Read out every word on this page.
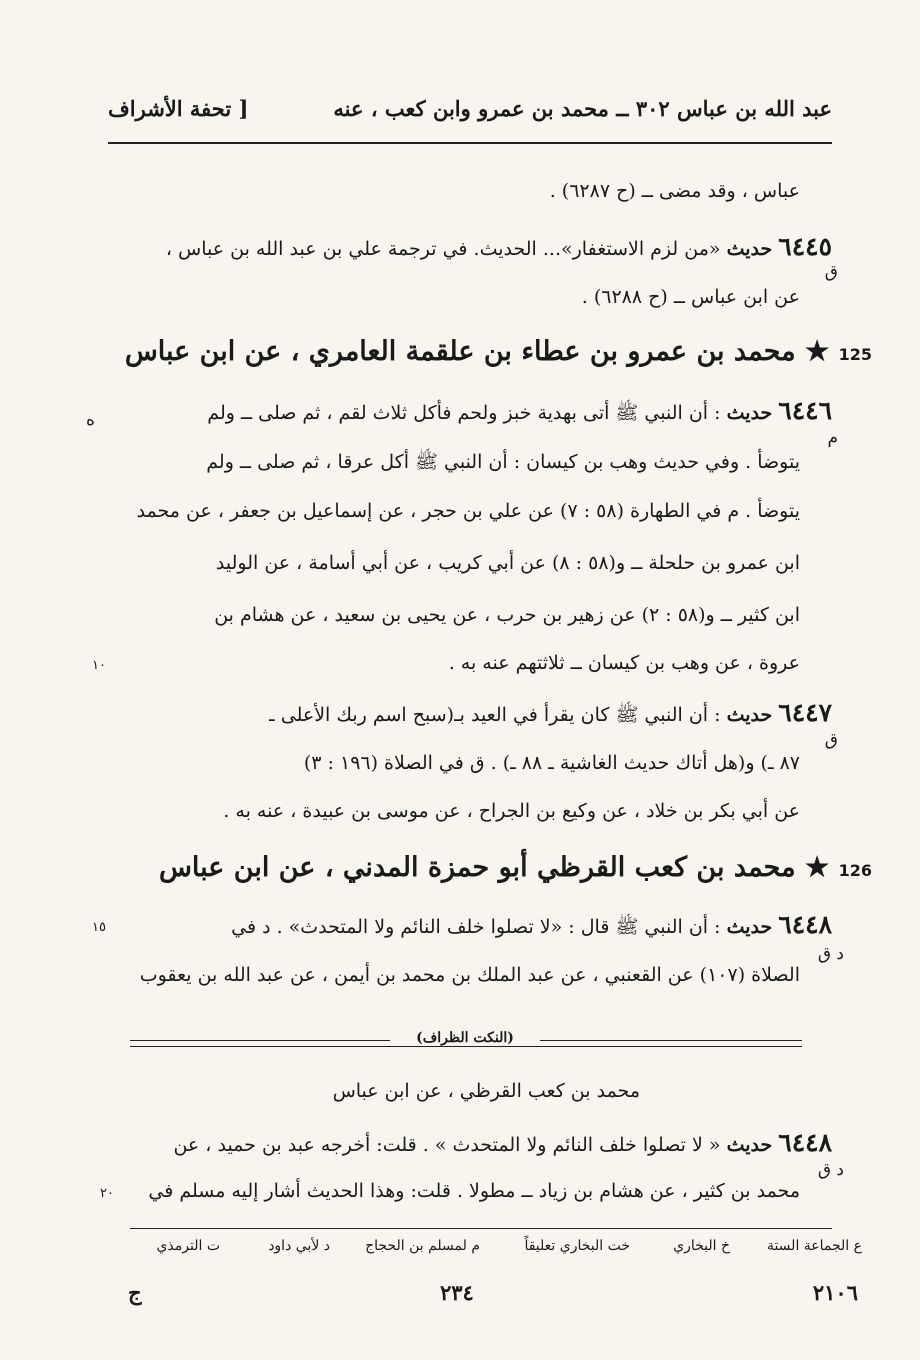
عبد الله بن عباس ٣٠٢ ــ محمد بن عمرو وابن كعب ، عنه
[ تحفة الأشراف
عباس ، وقد مضى ــ (ح ٦٢٨٧) .
٦٤٤٥ حديث «من لزم الاستغفار»... الحديث. في ترجمة علي بن عبد الله بن عباس ،
ق
عن ابن عباس ــ (ح ٦٢٨٨) .
125 ★ محمد بن عمرو بن عطاء بن علقمة العامري ، عن ابن عباس
٦٤٤٦ حديث : أن النبي ﷺ أتى بهدية خبز ولحم فأكل ثلاث لقم ، ثم صلى ــ ولم
ه
م
يتوضأ . وفي حديث وهب بن كيسان : أن النبي ﷺ أكل عرقا ، ثم صلى ــ ولم
يتوضأ . م في الطهارة (٥٨ : ٧) عن علي بن حجر ، عن إسماعيل بن جعفر ، عن محمد
ابن عمرو بن حلحلة ــ و(٥٨ : ٨) عن أبي كريب ، عن أبي أسامة ، عن الوليد
ابن كثير ــ و(٥٨ : ٢) عن زهير بن حرب ، عن يحيى بن سعيد ، عن هشام بن
عروة ، عن وهب بن كيسان ــ ثلاثتهم عنه به .
١٠
٦٤٤٧ حديث : أن النبي ﷺ كان يقرأ في العيد بـ(سبح اسم ربك الأعلى ـ
ق
٨٧ ـ) و(هل أتاك حديث الغاشية ـ ٨٨ ـ) . ق في الصلاة (١٩٦ : ٣)
عن أبي بكر بن خلاد ، عن وكيع بن الجراح ، عن موسى بن عبيدة ، عنه به .
126 ★ محمد بن كعب القرظي أبو حمزة المدني ، عن ابن عباس
٦٤٤٨ حديث : أن النبي ﷺ قال : «لا تصلوا خلف النائم ولا المتحدث» . د في
١٥
د ق
الصلاة (١٠٧) عن القعنبي ، عن عبد الملك بن محمد بن أيمن ، عن عبد الله بن يعقوب
(النكت الظراف)
محمد بن كعب القرظي ، عن ابن عباس
٦٤٤٨ حديث « لا تصلوا خلف النائم ولا المتحدث » . قلت: أخرجه عبد بن حميد ، عن
د ق
محمد بن كثير ، عن هشام بن زياد ــ مطولا . قلت: وهذا الحديث أشار إليه مسلم في
٢٠
ع الجماعة الستة
خ البخاري
خت البخاري تعليقاً
م لمسلم بن الحجاج
د لأبي داود
ت الترمذي
ج	٢٣٤	٢١٠٦
